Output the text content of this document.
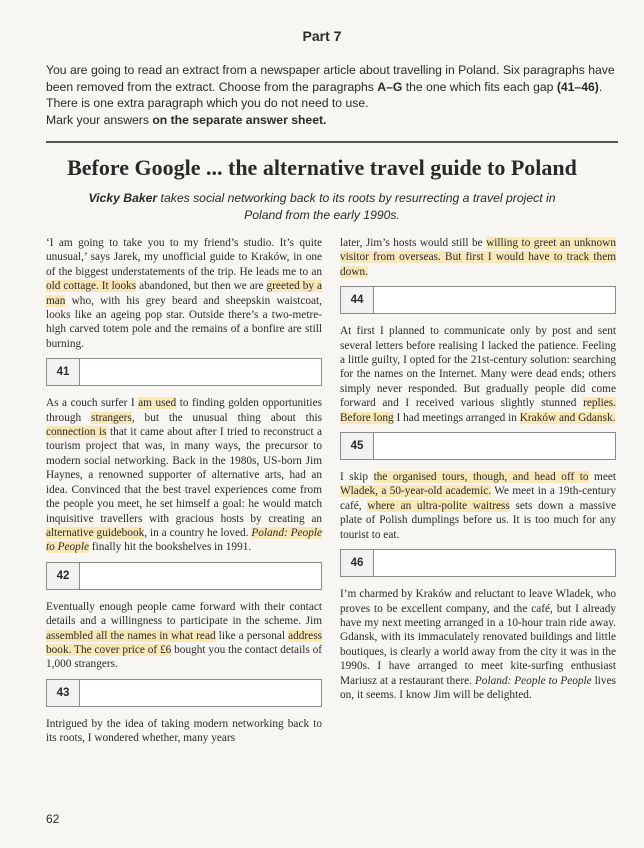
Part 7
You are going to read an extract from a newspaper article about travelling in Poland. Six paragraphs have been removed from the extract. Choose from the paragraphs A–G the one which fits each gap (41–46). There is one extra paragraph which you do not need to use.
Mark your answers on the separate answer sheet.
Before Google ... the alternative travel guide to Poland
Vicky Baker takes social networking back to its roots by resurrecting a travel project in Poland from the early 1990s.

‘I am going to take you to my friend’s studio. It’s quite unusual,’ says Jarek, my unofficial guide to Kraków, in one of the biggest understatements of the trip. He leads me to an old cottage. It looks abandoned, but then we are greeted by a man who, with his grey beard and sheepskin waistcoat, looks like an ageing pop star. Outside there’s a two-metre-high carved totem pole and the remains of a bonfire are still burning.

41

As a couch surfer I am used to finding golden opportunities through strangers, but the unusual thing about this connection is that it came about after I tried to reconstruct a tourism project that was, in many ways, the precursor to modern social networking. Back in the 1980s, US-born Jim Haynes, a renowned supporter of alternative arts, had an idea. Convinced that the best travel experiences come from the people you meet, he set himself a goal: he would match inquisitive travellers with gracious hosts by creating an alternative guidebook, in a country he loved. Poland: People to People finally hit the bookshelves in 1991.

42

Eventually enough people came forward with their contact details and a willingness to participate in the scheme. Jim assembled all the names in what read like a personal address book. The cover price of £6 bought you the contact details of 1,000 strangers.

43

Intrigued by the idea of taking modern networking back to its roots, I wondered whether, many years

later, Jim’s hosts would still be willing to greet an unknown visitor from overseas. But first I would have to track them down.

44

At first I planned to communicate only by post and sent several letters before realising I lacked the patience. Feeling a little guilty, I opted for the 21st-century solution: searching for the names on the Internet. Many were dead ends; others simply never responded. But gradually people did come forward and I received various slightly stunned replies. Before long I had meetings arranged in Kraków and Gdansk.

45

I skip the organised tours, though, and head off to meet Wladek, a 50-year-old academic. We meet in a 19th-century café, where an ultra-polite waitress sets down a massive plate of Polish dumplings before us. It is too much for any tourist to eat.

46

I’m charmed by Kraków and reluctant to leave Wladek, who proves to be excellent company, and the café, but I already have my next meeting arranged in a 10-hour train ride away. Gdansk, with its immaculately renovated buildings and little boutiques, is clearly a world away from the city it was in the 1990s. I have arranged to meet kite-surfing enthusiast Mariusz at a restaurant there. Poland: People to People lives on, it seems. I know Jim will be delighted.

62
